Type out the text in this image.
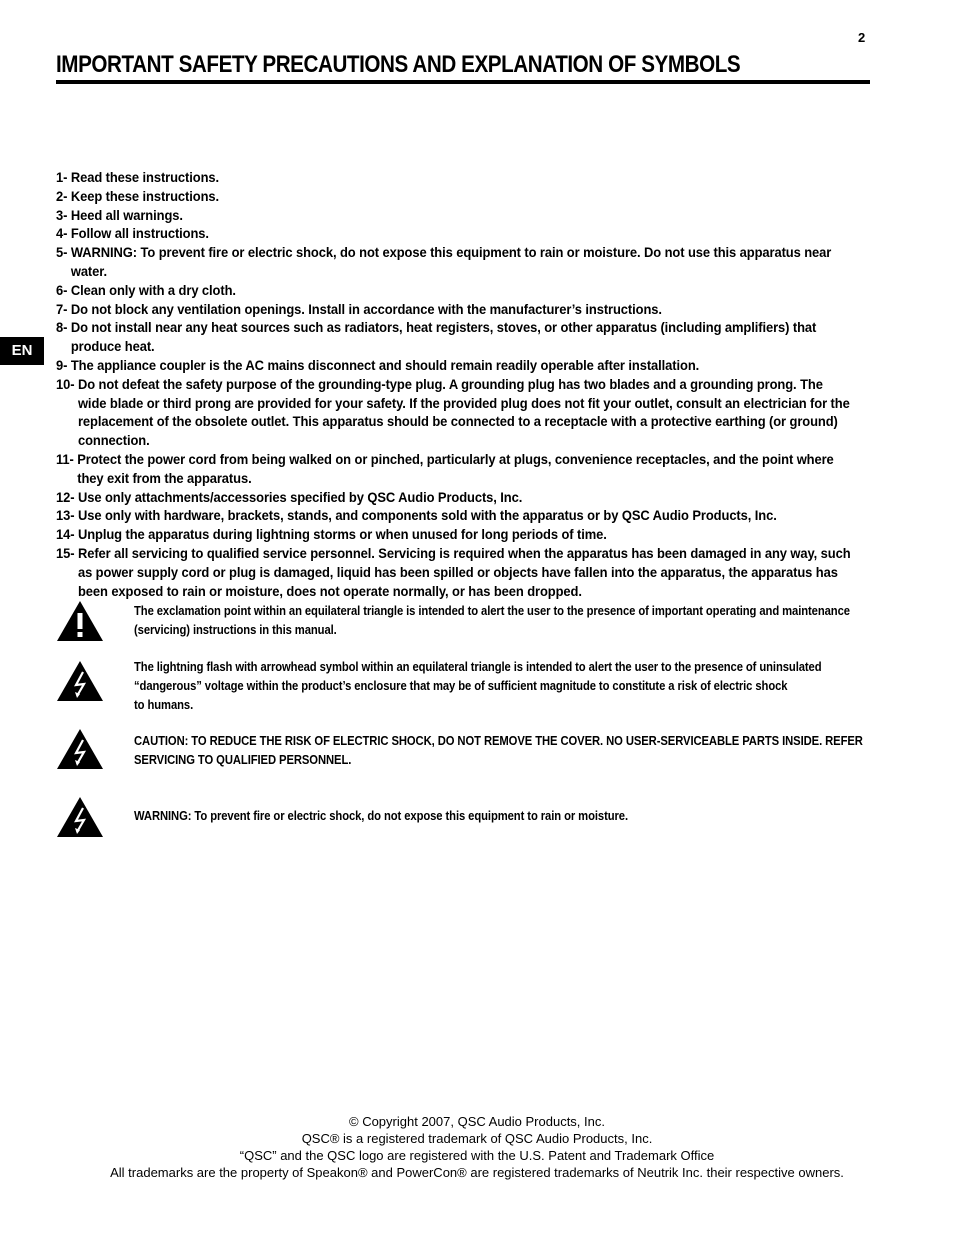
2
IMPORTANT SAFETY PRECAUTIONS AND EXPLANATION OF SYMBOLS
EN
1- Read these instructions.
2- Keep these instructions.
3- Heed all warnings.
4- Follow all instructions.
5- WARNING: To prevent fire or electric shock, do not expose this equipment to rain or moisture. Do not use this apparatus near water.
6- Clean only with a dry cloth.
7- Do not block any ventilation openings. Install in accordance with the manufacturer’s instructions.
8- Do not install near any heat sources such as radiators, heat registers, stoves, or other apparatus (including amplifiers) that produce heat.
9- The appliance coupler is the AC mains disconnect and should remain readily operable after installation.
10- Do not defeat the safety purpose of the grounding-type plug. A grounding plug has two blades and a grounding prong. The wide blade or third prong are provided for your safety. If the provided plug does not fit your outlet, consult an electrician for the replacement of the obsolete outlet. This apparatus should be connected to a receptacle with a protective earthing (or ground) connection.
11- Protect the power cord from being walked on or pinched, particularly at plugs, convenience receptacles, and the point where they exit from the apparatus.
12- Use only attachments/accessories specified by QSC Audio Products, Inc.
13- Use only with hardware, brackets, stands, and components sold with the apparatus or by QSC Audio Products, Inc.
14- Unplug the apparatus during lightning storms or when unused for long periods of time.
15- Refer all servicing to qualified service personnel. Servicing is required when the apparatus has been damaged in any way, such as power supply cord or plug is damaged, liquid has been spilled or objects have fallen into the apparatus, the apparatus has been exposed to rain or moisture, does not operate normally, or has been dropped.
The exclamation point within an equilateral triangle is intended to alert the user to the presence of important operating and maintenance
(servicing) instructions in this manual.
The lightning flash with arrowhead symbol within an equilateral triangle is intended to alert the user to the presence of uninsulated
“dangerous” voltage within the product’s enclosure that may be of sufficient magnitude to constitute a risk of electric shock
to humans.
CAUTION: TO REDUCE THE RISK OF ELECTRIC SHOCK, DO NOT REMOVE THE COVER. NO USER-SERVICEABLE PARTS INSIDE. REFER
SERVICING TO QUALIFIED PERSONNEL.
WARNING: To prevent fire or electric shock, do not expose this equipment to rain or moisture.
© Copyright 2007, QSC Audio Products, Inc.
QSC® is a registered trademark of QSC Audio Products, Inc.
“QSC” and the QSC logo are registered with the U.S. Patent and Trademark Office
All trademarks are the property of Speakon® and PowerCon® are registered trademarks of Neutrik Inc. their respective owners.
